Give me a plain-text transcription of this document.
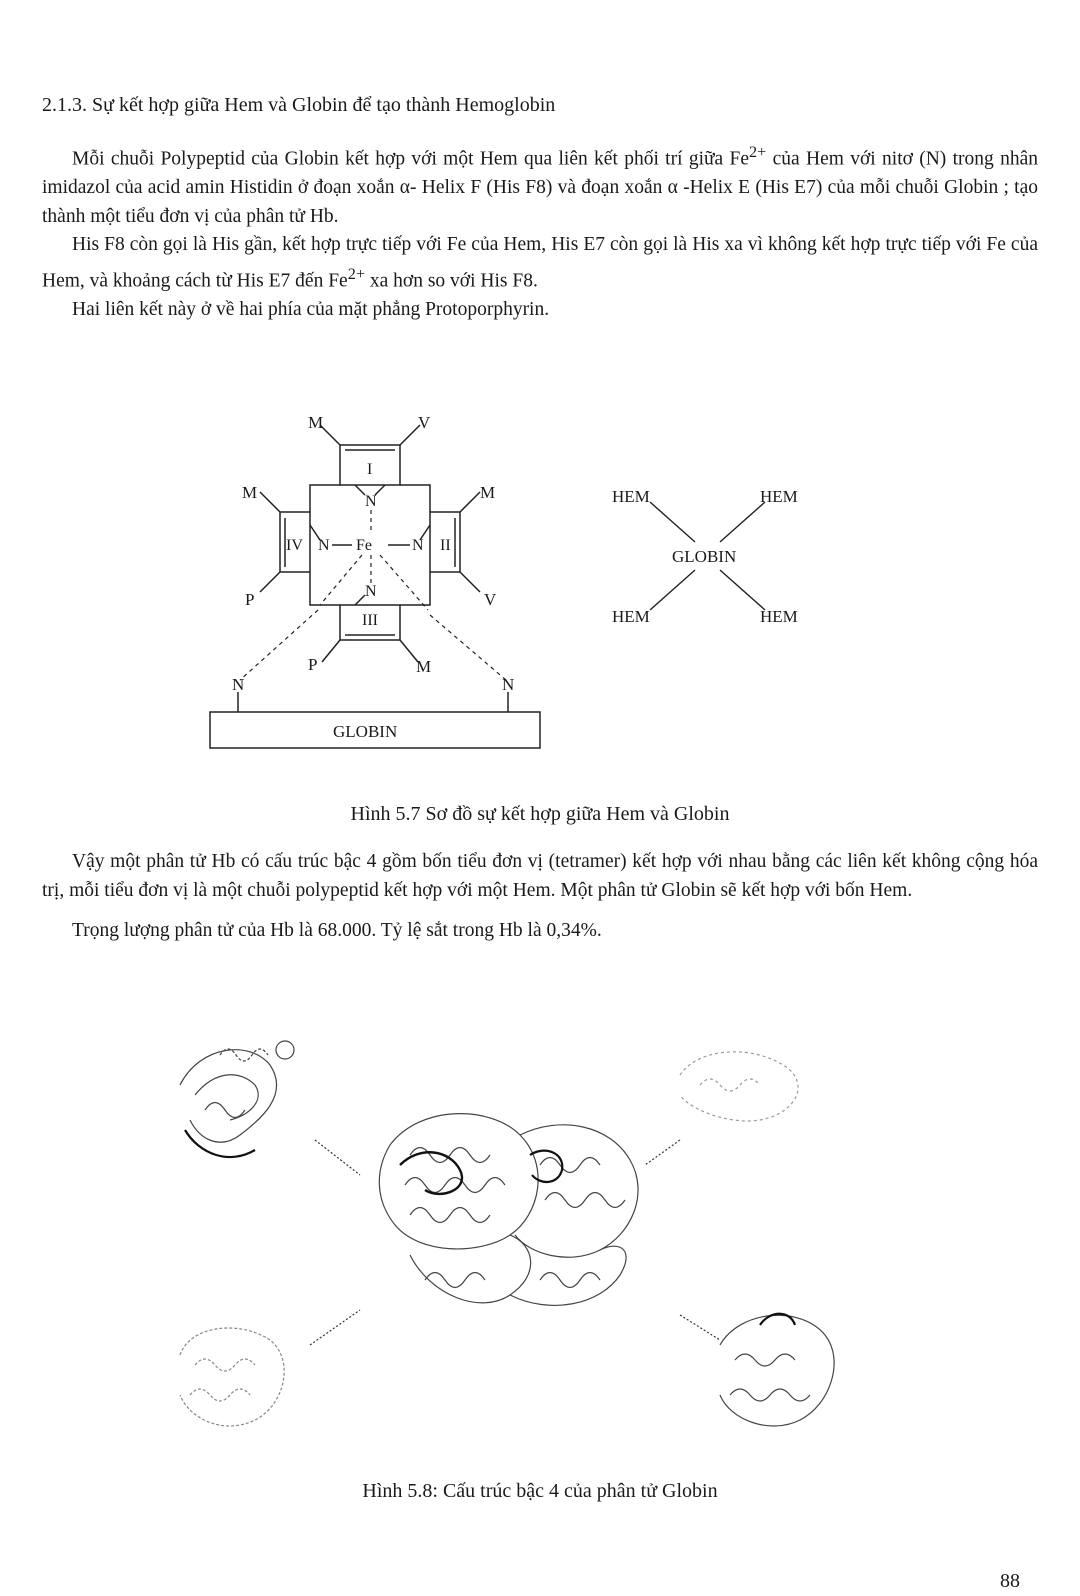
2.1.3. Sự kết hợp giữa Hem và Globin để tạo thành Hemoglobin

Mỗi chuỗi Polypeptid của Globin kết hợp với một Hem qua liên kết phối trí giữa $Fe^{2+}$ của Hem với nitơ (N) trong nhân imidazol của acid amin Histidin ở đoạn xoắn α- Helix F (His F8) và đoạn xoắn α -Helix E (His E7) của mỗi chuỗi Globin ; tạo thành một tiểu đơn vị của phân tử Hb.

His F8 còn gọi là His gần, kết hợp trực tiếp với Fe của Hem, His E7 còn gọi là His xa vì không kết hợp trực tiếp với Fe của Hem, và khoảng cách từ His E7 đến $Fe^{2+}$ xa hơn so với His F8.

Hai liên kết này ở về hai phía của mặt phẳng Protoporphyrin.

M	V
M	M
P	V
P	M
I
II
III
IV
N
N	N
N
Fe
N	N
GLOBIN
HEM	HEM
HEM	HEM
GLOBIN
Hình 5.7 Sơ đồ sự kết hợp giữa Hem và Globin

Vậy một phân tử Hb có cấu trúc bậc 4 gồm bốn tiểu đơn vị (tetramer) kết hợp với nhau bằng các liên kết không cộng hóa trị, mỗi tiểu đơn vị là một chuỗi polypeptid kết hợp với một Hem. Một phân tử Globin sẽ kết hợp với bốn Hem.

Trọng lượng phân tử của Hb là 68.000. Tỷ lệ sắt trong Hb là 0,34%.

Hình 5.8: Cấu trúc bậc 4 của phân tử Globin
88
